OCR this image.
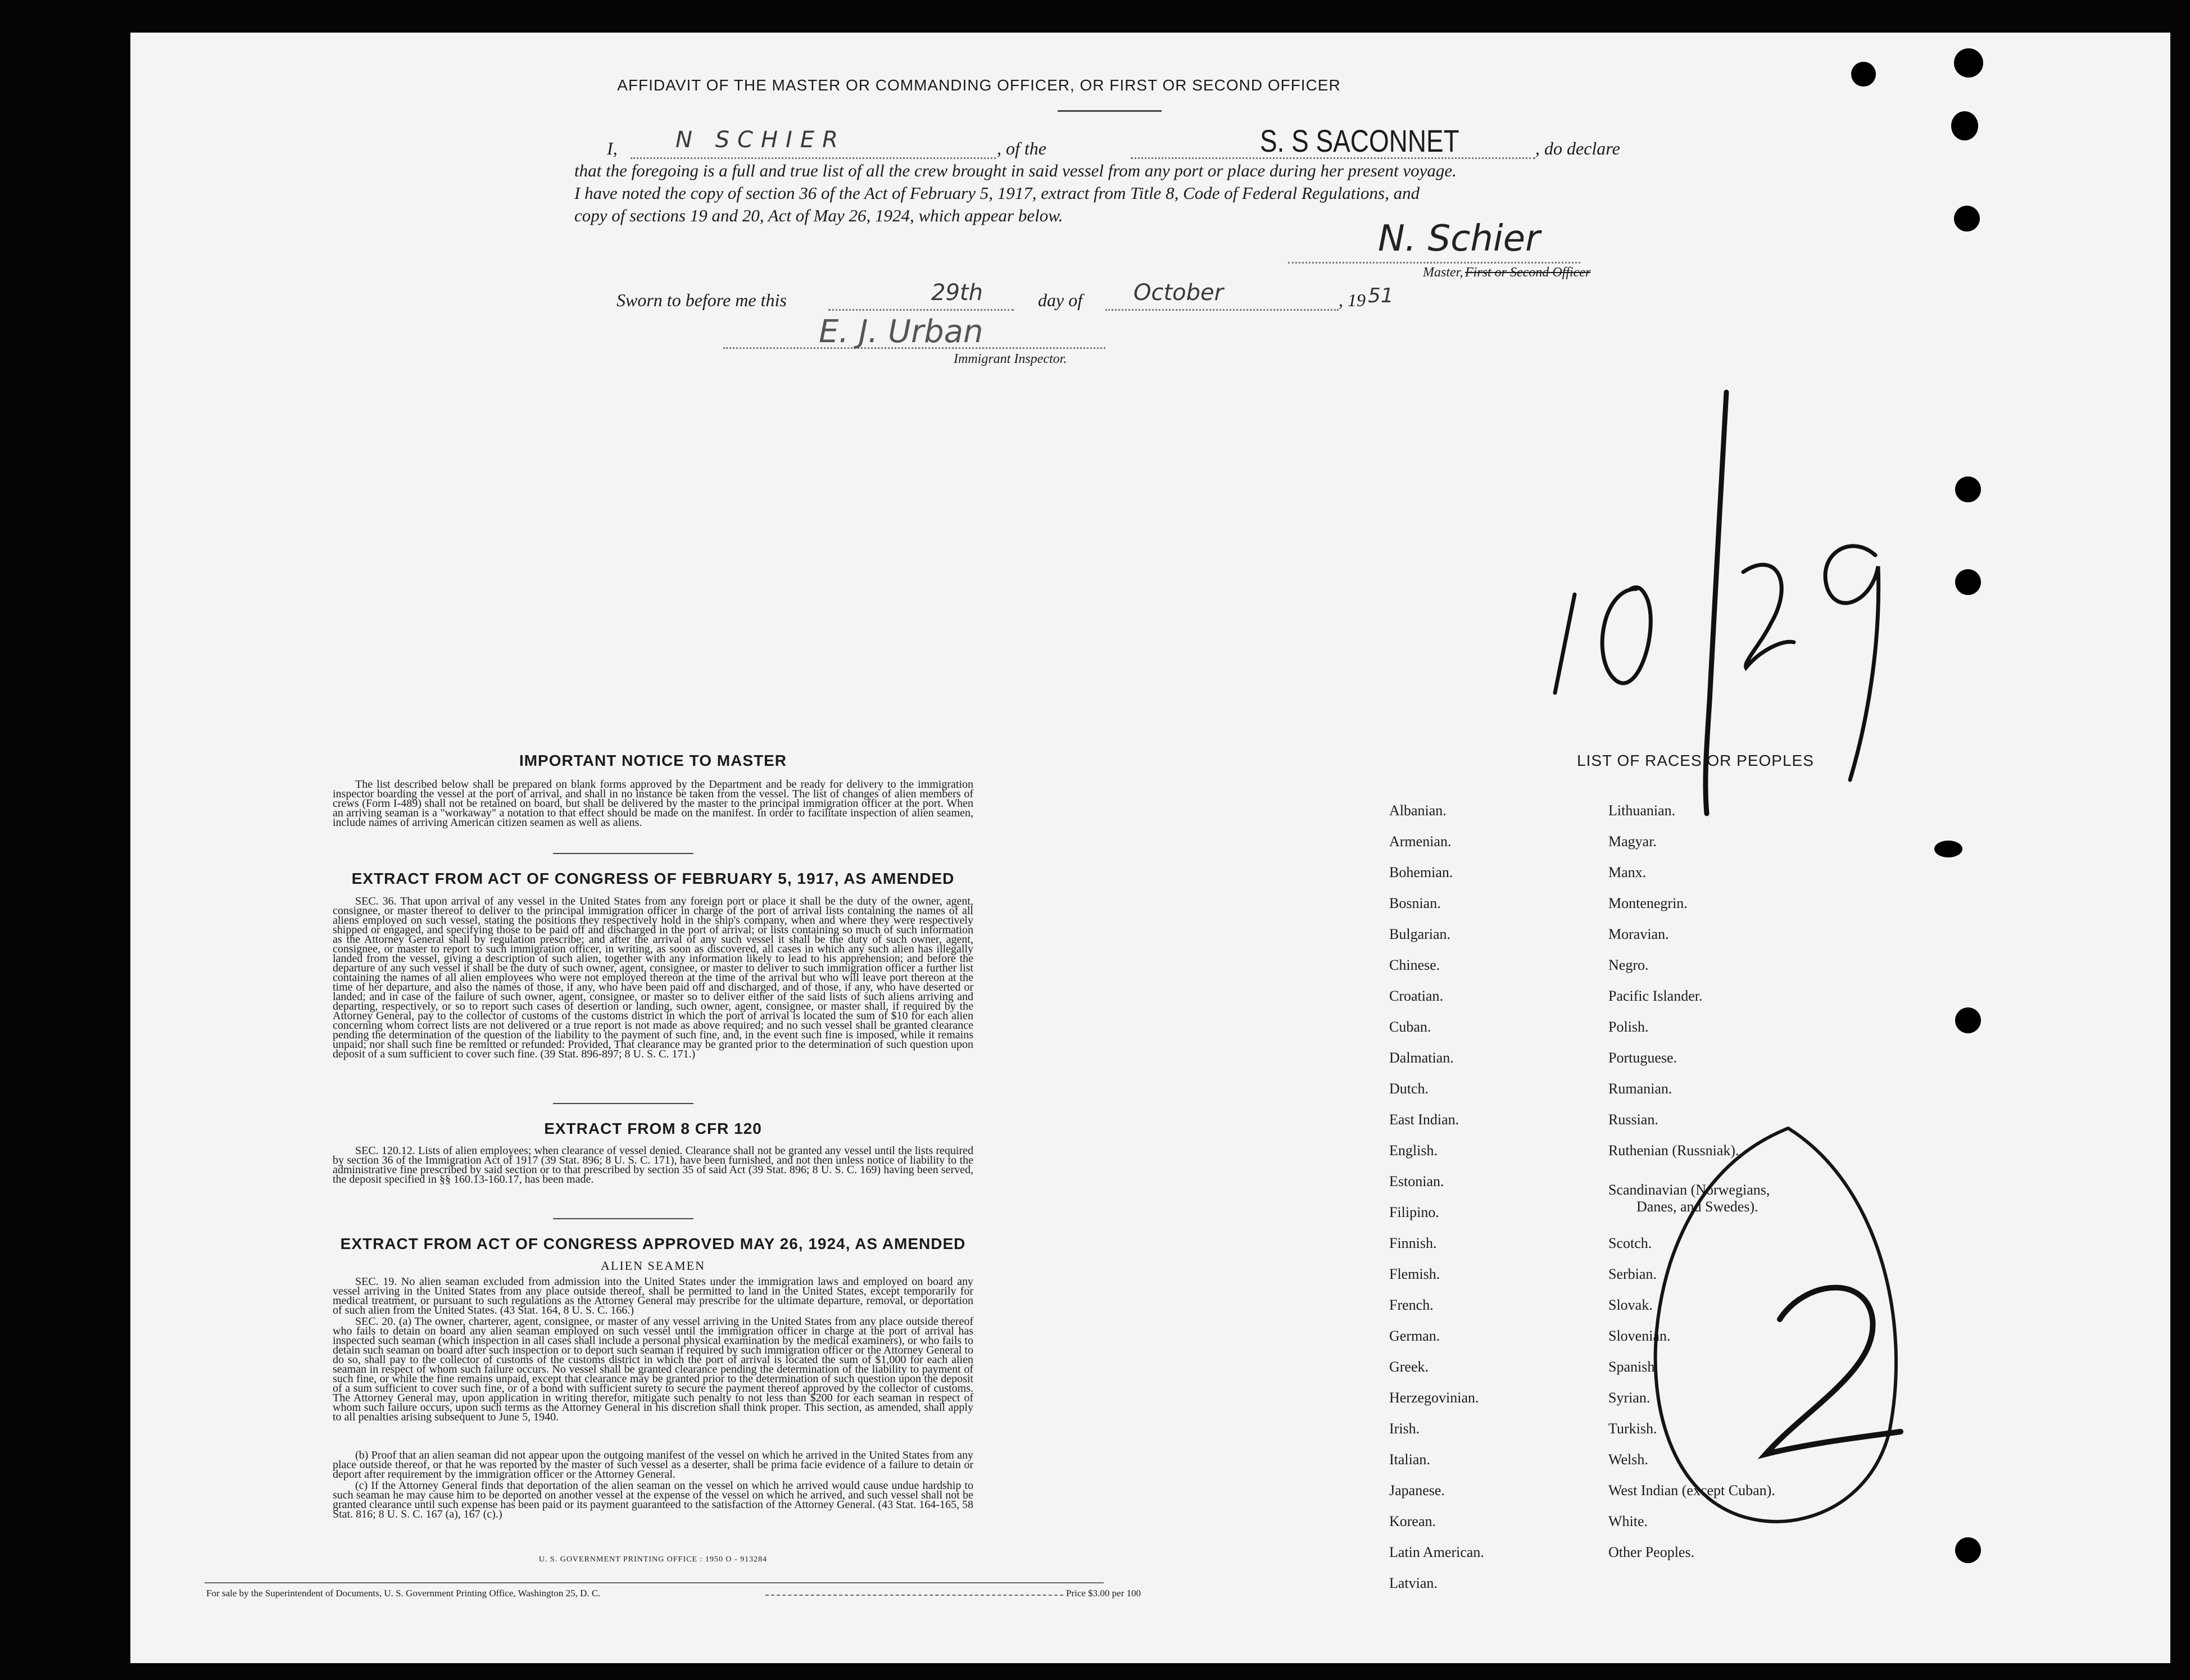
AFFIDAVIT OF THE MASTER OR COMMANDING OFFICER, OR FIRST OR SECOND OFFICER
I,	N SCHIER	, of the	S. S SACONNET	, do declare
that the foregoing is a full and true list of all the crew brought in said vessel from any port or place during her present voyage.
I have noted the copy of section 36 of the Act of February 5, 1917, extract from Title 8, Code of Federal Regulations, and
copy of sections 19 and 20, Act of May 26, 1924, which appear below.
N. Schier
Master, First or Second Officer
Sworn to before me this	29th	day of October	, 19 51
E. J. Urban
Immigrant Inspector.
IMPORTANT NOTICE TO MASTER
The list described below shall be prepared on blank forms approved by the Department and be ready for delivery to the immigration inspector boarding the vessel at the port of arrival, and shall in no instance be taken from the vessel. The list of changes of alien members of crews (Form I-489) shall not be retained on board, but shall be delivered by the master to the principal immigration officer at the port. When an arriving seaman is a "workaway" a notation to that effect should be made on the manifest. In order to facilitate inspection of alien seamen, include names of arriving American citizen seamen as well as aliens.
EXTRACT FROM ACT OF CONGRESS OF FEBRUARY 5, 1917, AS AMENDED
SEC. 36. That upon arrival of any vessel in the United States from any foreign port or place it shall be the duty of the owner, agent, consignee, or master thereof to deliver to the principal immigration officer in charge of the port of arrival lists containing the names of all aliens employed on such vessel, stating the positions they respectively hold in the ship's company, when and where they were respectively shipped or engaged, and specifying those to be paid off and discharged in the port of arrival; or lists containing so much of such information as the Attorney General shall by regulation prescribe; and after the arrival of any such vessel it shall be the duty of such owner, agent, consignee, or master to report to such immigration officer, in writing, as soon as discovered, all cases in which any such alien has illegally landed from the vessel, giving a description of such alien, together with any information likely to lead to his apprehension; and before the departure of any such vessel it shall be the duty of such owner, agent, consignee, or master to deliver to such immigration officer a further list containing the names of all alien employees who were not employed thereon at the time of the arrival but who will leave port thereon at the time of her departure, and also the names of those, if any, who have been paid off and discharged, and of those, if any, who have deserted or landed; and in case of the failure of such owner, agent, consignee, or master so to deliver either of the said lists of such aliens arriving and departing, respectively, or so to report such cases of desertion or landing, such owner, agent, consignee, or master shall, if required by the Attorney General, pay to the collector of customs of the customs district in which the port of arrival is located the sum of $10 for each alien concerning whom correct lists are not delivered or a true report is not made as above required; and no such vessel shall be granted clearance pending the determination of the question of the liability to the payment of such fine, and, in the event such fine is imposed, while it remains unpaid; nor shall such fine be remitted or refunded: Provided, That clearance may be granted prior to the determination of such question upon deposit of a sum sufficient to cover such fine. (39 Stat. 896-897; 8 U. S. C. 171.)
EXTRACT FROM 8 CFR 120
SEC. 120.12. Lists of alien employees; when clearance of vessel denied. Clearance shall not be granted any vessel until the lists required by section 36 of the Immigration Act of 1917 (39 Stat. 896; 8 U. S. C. 171), have been furnished, and not then unless notice of liability to the administrative fine prescribed by said section or to that prescribed by section 35 of said Act (39 Stat. 896; 8 U. S. C. 169) having been served, the deposit specified in §§ 160.13-160.17, has been made.
EXTRACT FROM ACT OF CONGRESS APPROVED MAY 26, 1924, AS AMENDED
ALIEN SEAMEN
SEC. 19. No alien seaman excluded from admission into the United States under the immigration laws and employed on board any vessel arriving in the United States from any place outside thereof, shall be permitted to land in the United States, except temporarily for medical treatment, or pursuant to such regulations as the Attorney General may prescribe for the ultimate departure, removal, or deportation of such alien from the United States. (43 Stat. 164, 8 U. S. C. 166.)
SEC. 20. (a) The owner, charterer, agent, consignee, or master of any vessel arriving in the United States from any place outside thereof who fails to detain on board any alien seaman employed on such vessel until the immigration officer in charge at the port of arrival has inspected such seaman (which inspection in all cases shall include a personal physical examination by the medical examiners), or who fails to detain such seaman on board after such inspection or to deport such seaman if required by such immigration officer or the Attorney General to do so, shall pay to the collector of customs of the customs district in which the port of arrival is located the sum of $1,000 for each alien seaman in respect of whom such failure occurs. No vessel shall be granted clearance pending the determination of the liability to payment of such fine, or while the fine remains unpaid, except that clearance may be granted prior to the determination of such question upon the deposit of a sum sufficient to cover such fine, or of a bond with sufficient surety to secure the payment thereof approved by the collector of customs. The Attorney General may, upon application in writing therefor, mitigate such penalty to not less than $200 for each seaman in respect of whom such failure occurs, upon such terms as the Attorney General in his discretion shall think proper. This section, as amended, shall apply to all penalties arising subsequent to June 5, 1940.
(b) Proof that an alien seaman did not appear upon the outgoing manifest of the vessel on which he arrived in the United States from any place outside thereof, or that he was reported by the master of such vessel as a deserter, shall be prima facie evidence of a failure to detain or deport after requirement by the immigration officer or the Attorney General.
(c) If the Attorney General finds that deportation of the alien seaman on the vessel on which he arrived would cause undue hardship to such seaman he may cause him to be deported on another vessel at the expense of the vessel on which he arrived, and such vessel shall not be granted clearance until such expense has been paid or its payment guaranteed to the satisfaction of the Attorney General. (43 Stat. 164-165, 58 Stat. 816; 8 U. S. C. 167 (a), 167 (c).)
U. S. GOVERNMENT PRINTING OFFICE : 1950 O - 913284
For sale by the Superintendent of Documents, U. S. Government Printing Office, Washington 25, D. C.	Price $3.00 per 100
LIST OF RACES OR PEOPLES
Albanian.
Armenian.
Bohemian.
Bosnian.
Bulgarian.
Chinese.
Croatian.
Cuban.
Dalmatian.
Dutch.
East Indian.
English.
Estonian.
Filipino.
Finnish.
Flemish.
French.
German.
Greek.
Herzegovinian.
Irish.
Italian.
Japanese.
Korean.
Latin American.
Latvian.
Lithuanian.
Magyar.
Manx.
Montenegrin.
Moravian.
Negro.
Pacific Islander.
Polish.
Portuguese.
Rumanian.
Russian.
Ruthenian (Russniak).
Scandinavian (Norwegians,
Danes, and Swedes).
Scotch.
Serbian.
Slovak.
Slovenian.
Spanish.
Syrian.
Turkish.
Welsh.
West Indian (except Cuban).
White.
Other Peoples.
